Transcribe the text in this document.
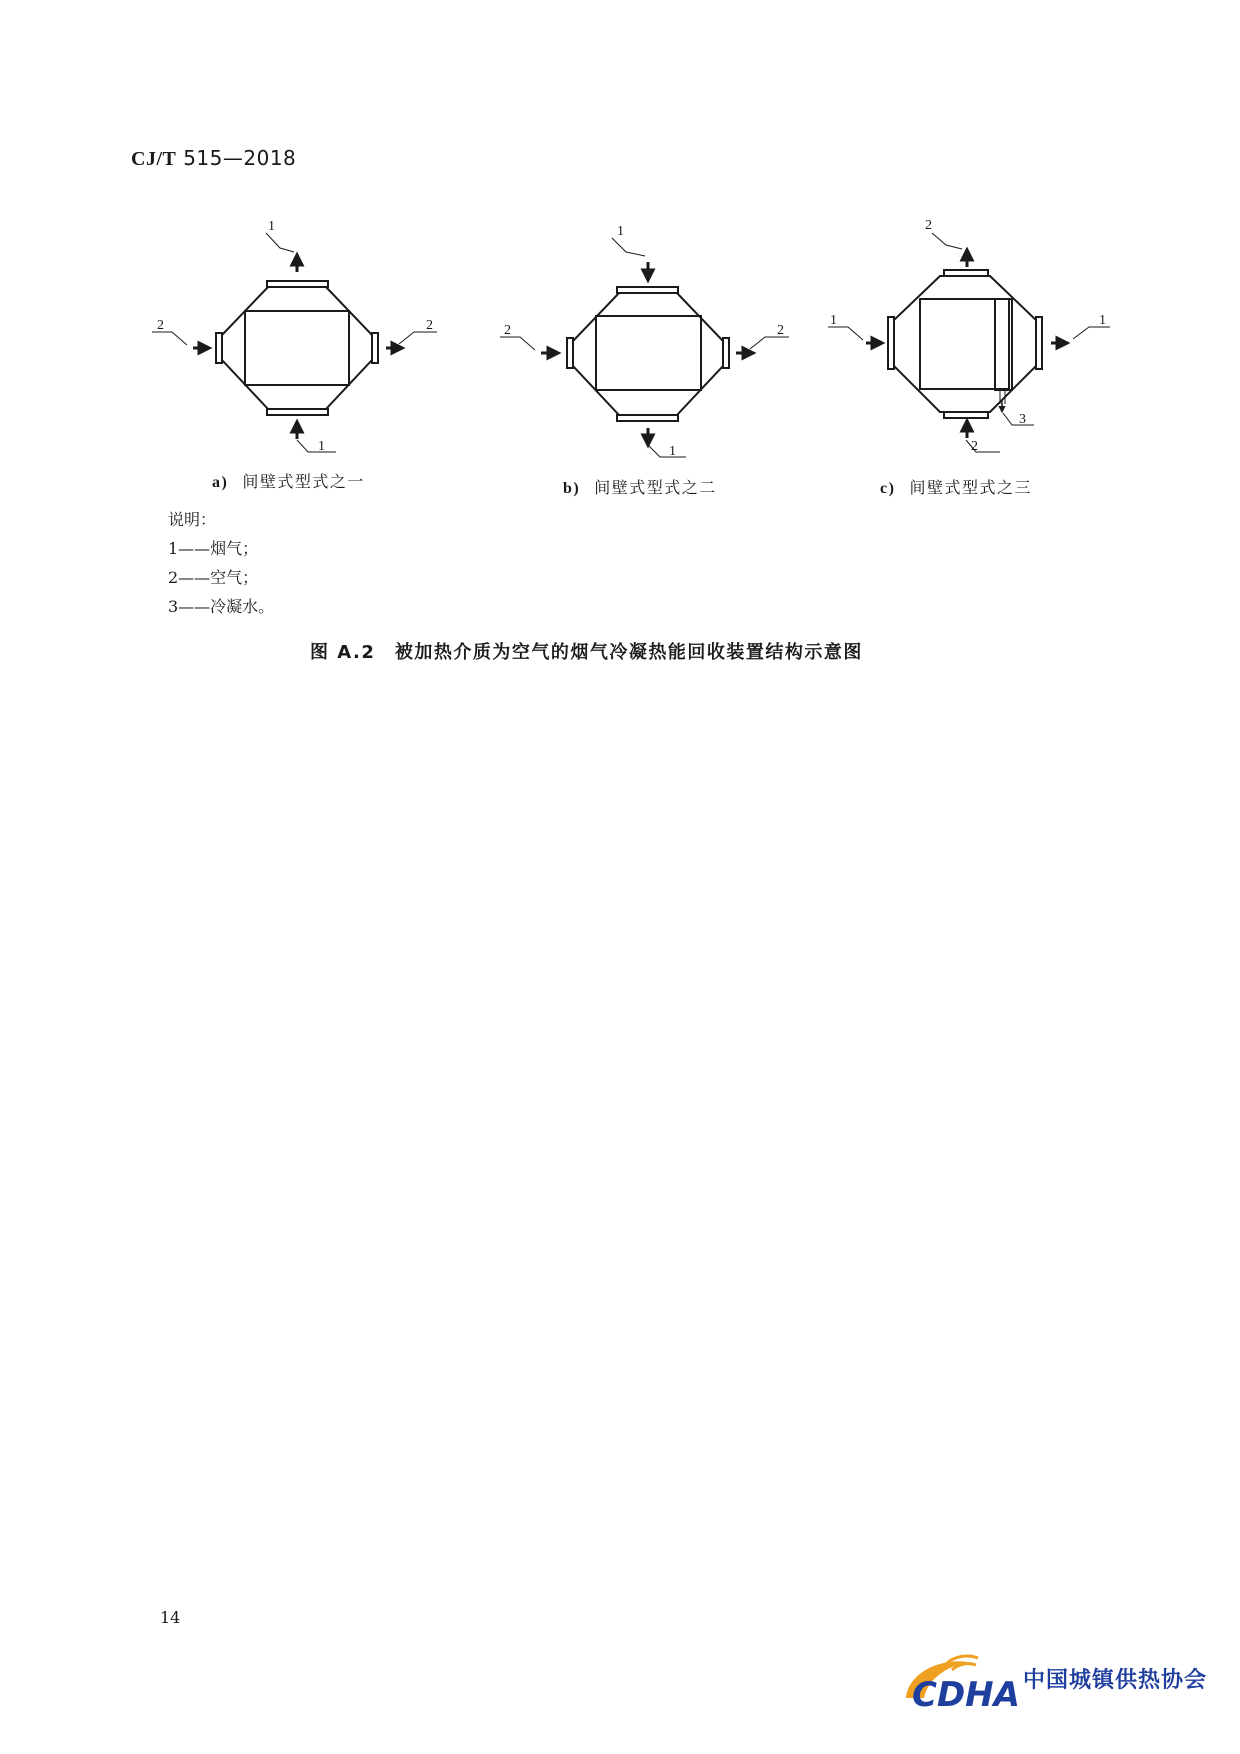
CJ/T 515—2018
1
1
2	2
1
1
2	2
2
2
1	1
3
a) 间壁式型式之一	b) 间壁式型式之二	c) 间壁式型式之三
说明：
1——烟气；
2——空气；
3——冷凝水。
图 A.2　被加热介质为空气的烟气冷凝热能回收装置结构示意图
14
CDHA 中国城镇供热协会
